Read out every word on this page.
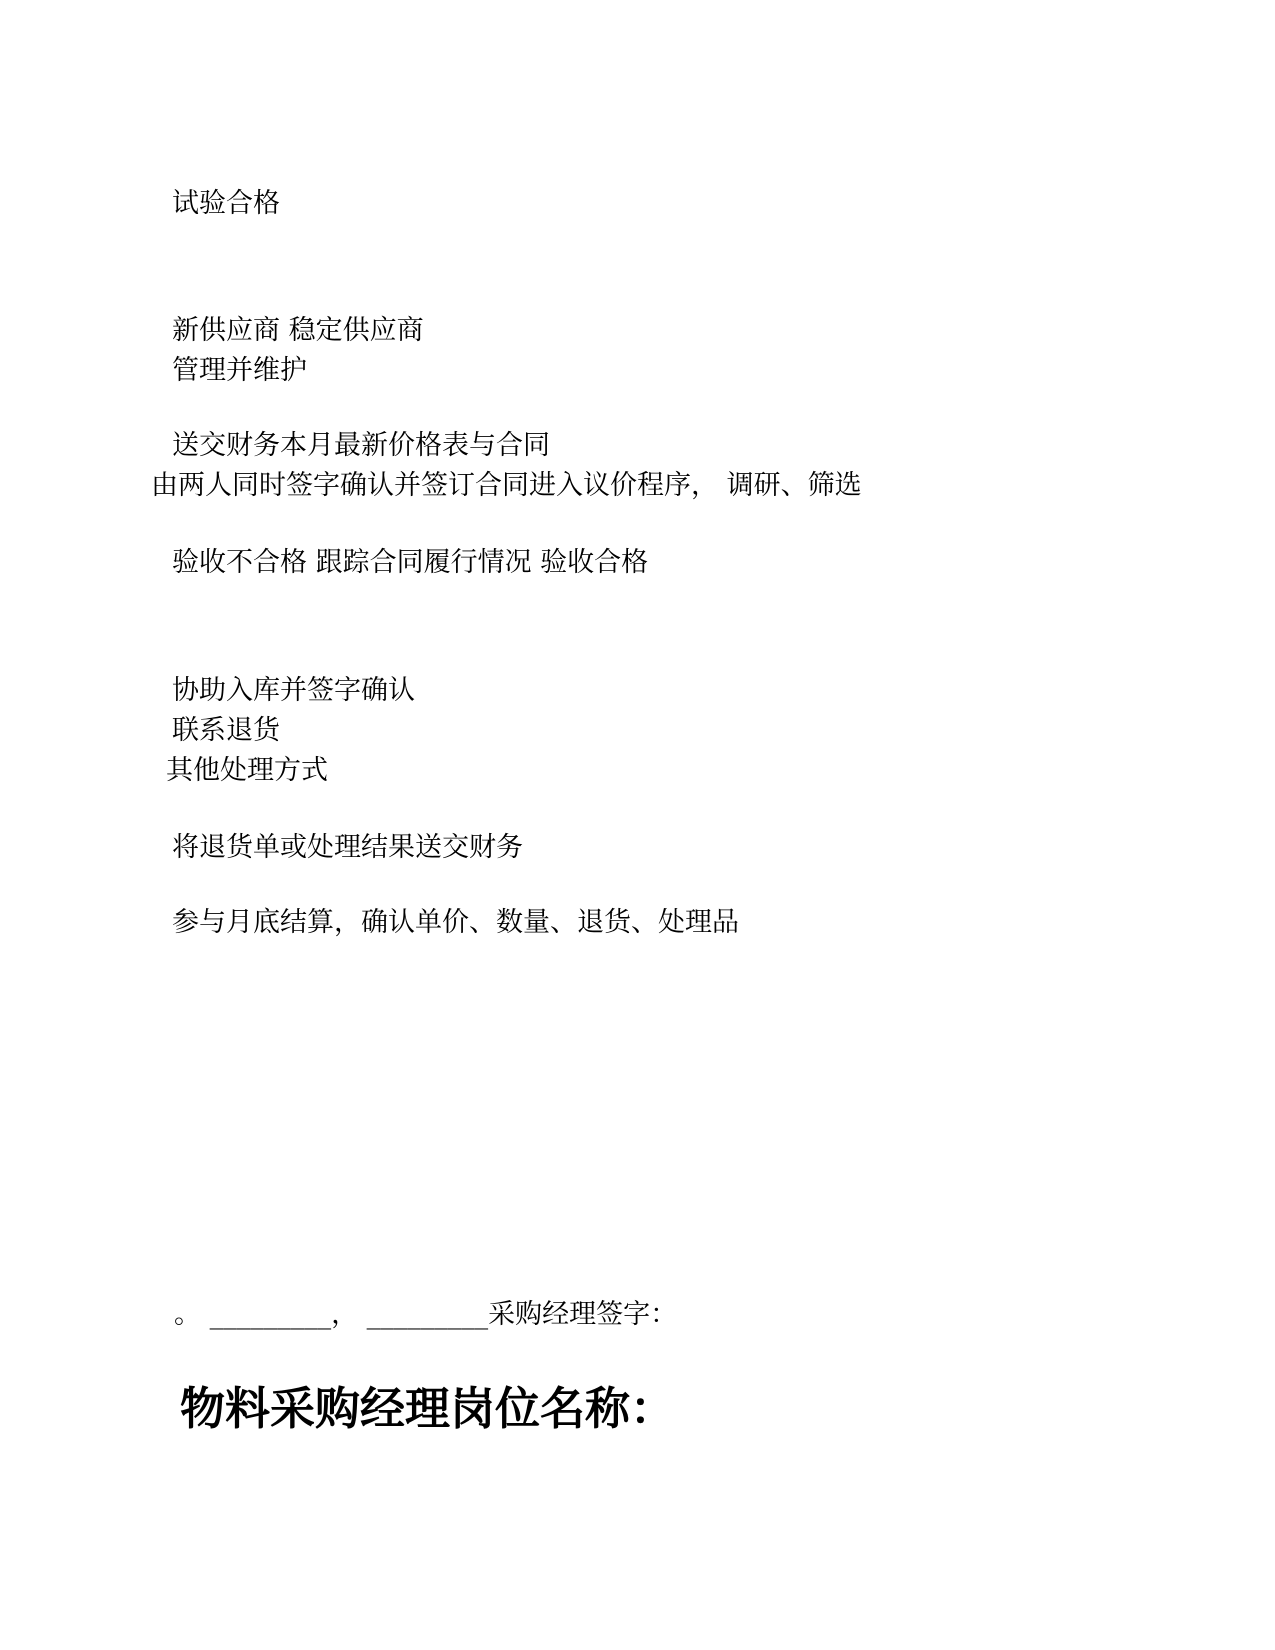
试验合格
新供应商 稳定供应商
管理并维护
送交财务本月最新价格表与合同
由两人同时签字确认并签订合同进入议价程序， 调研、筛选
验收不合格 跟踪合同履行情况 验收合格
协助入库并签字确认
联系退货
其他处理方式
将退货单或处理结果送交财务
参与月底结算，确认单价、数量、退货、处理品
。 _________， _________采购经理签字：
物料采购经理岗位名称：
